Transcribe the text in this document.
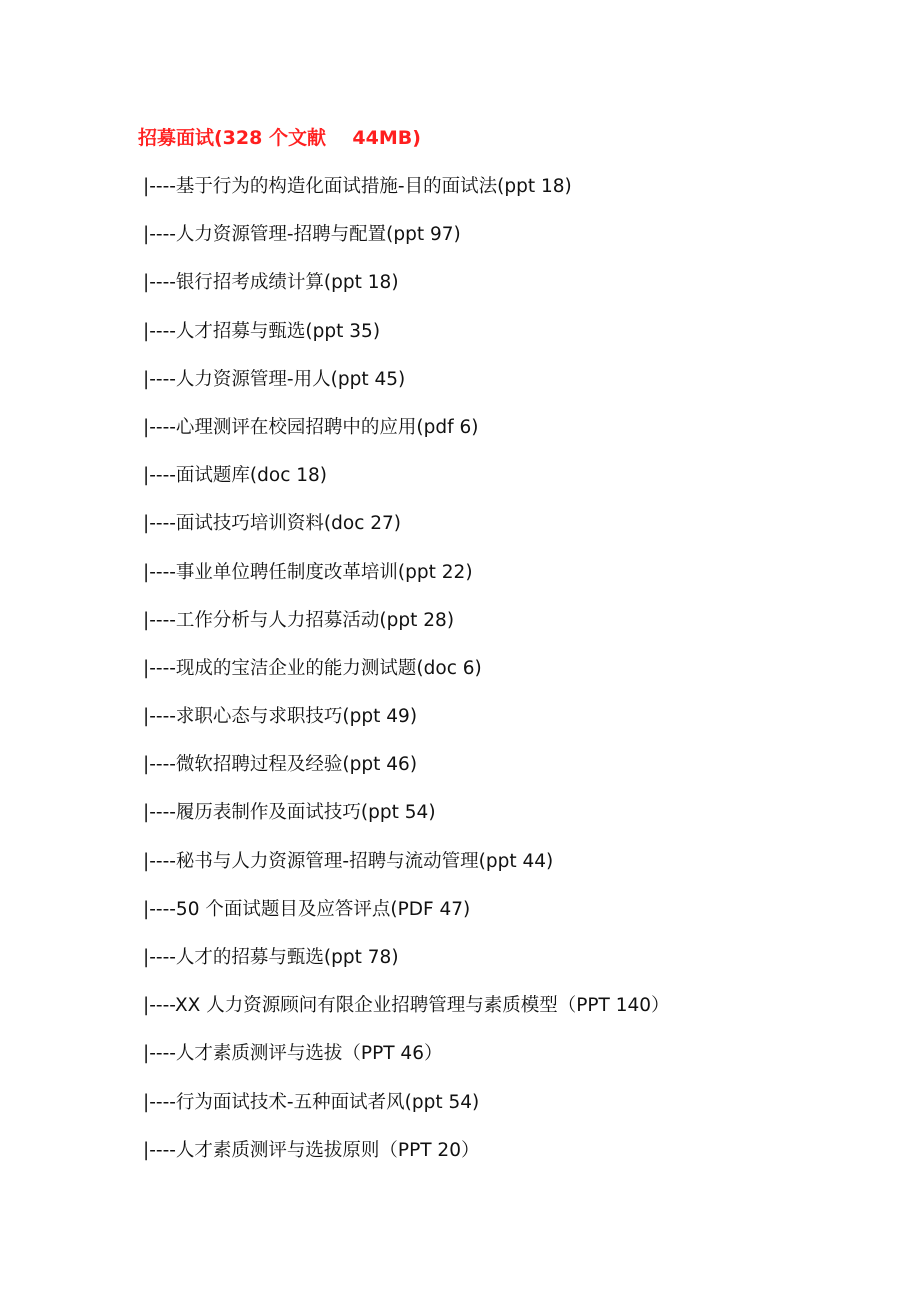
招募面试(328 个文献    44MB)
|----基于行为的构造化面试措施-目的面试法(ppt 18)
|----人力资源管理-招聘与配置(ppt 97)
|----银行招考成绩计算(ppt 18)
|----人才招募与甄选(ppt 35)
|----人力资源管理-用人(ppt 45)
|----心理测评在校园招聘中的应用(pdf 6)
|----面试题库(doc 18)
|----面试技巧培训资料(doc 27)
|----事业单位聘任制度改革培训(ppt 22)
|----工作分析与人力招募活动(ppt 28)
|----现成的宝洁企业的能力测试题(doc 6)
|----求职心态与求职技巧(ppt 49)
|----微软招聘过程及经验(ppt 46)
|----履历表制作及面试技巧(ppt 54)
|----秘书与人力资源管理-招聘与流动管理(ppt 44)
|----50 个面试题目及应答评点(PDF 47)
|----人才的招募与甄选(ppt 78)
|----XX 人力资源顾问有限企业招聘管理与素质模型（PPT 140）
|----人才素质测评与选拔（PPT 46）
|----行为面试技术-五种面试者风(ppt 54)
|----人才素质测评与选拔原则（PPT 20）
